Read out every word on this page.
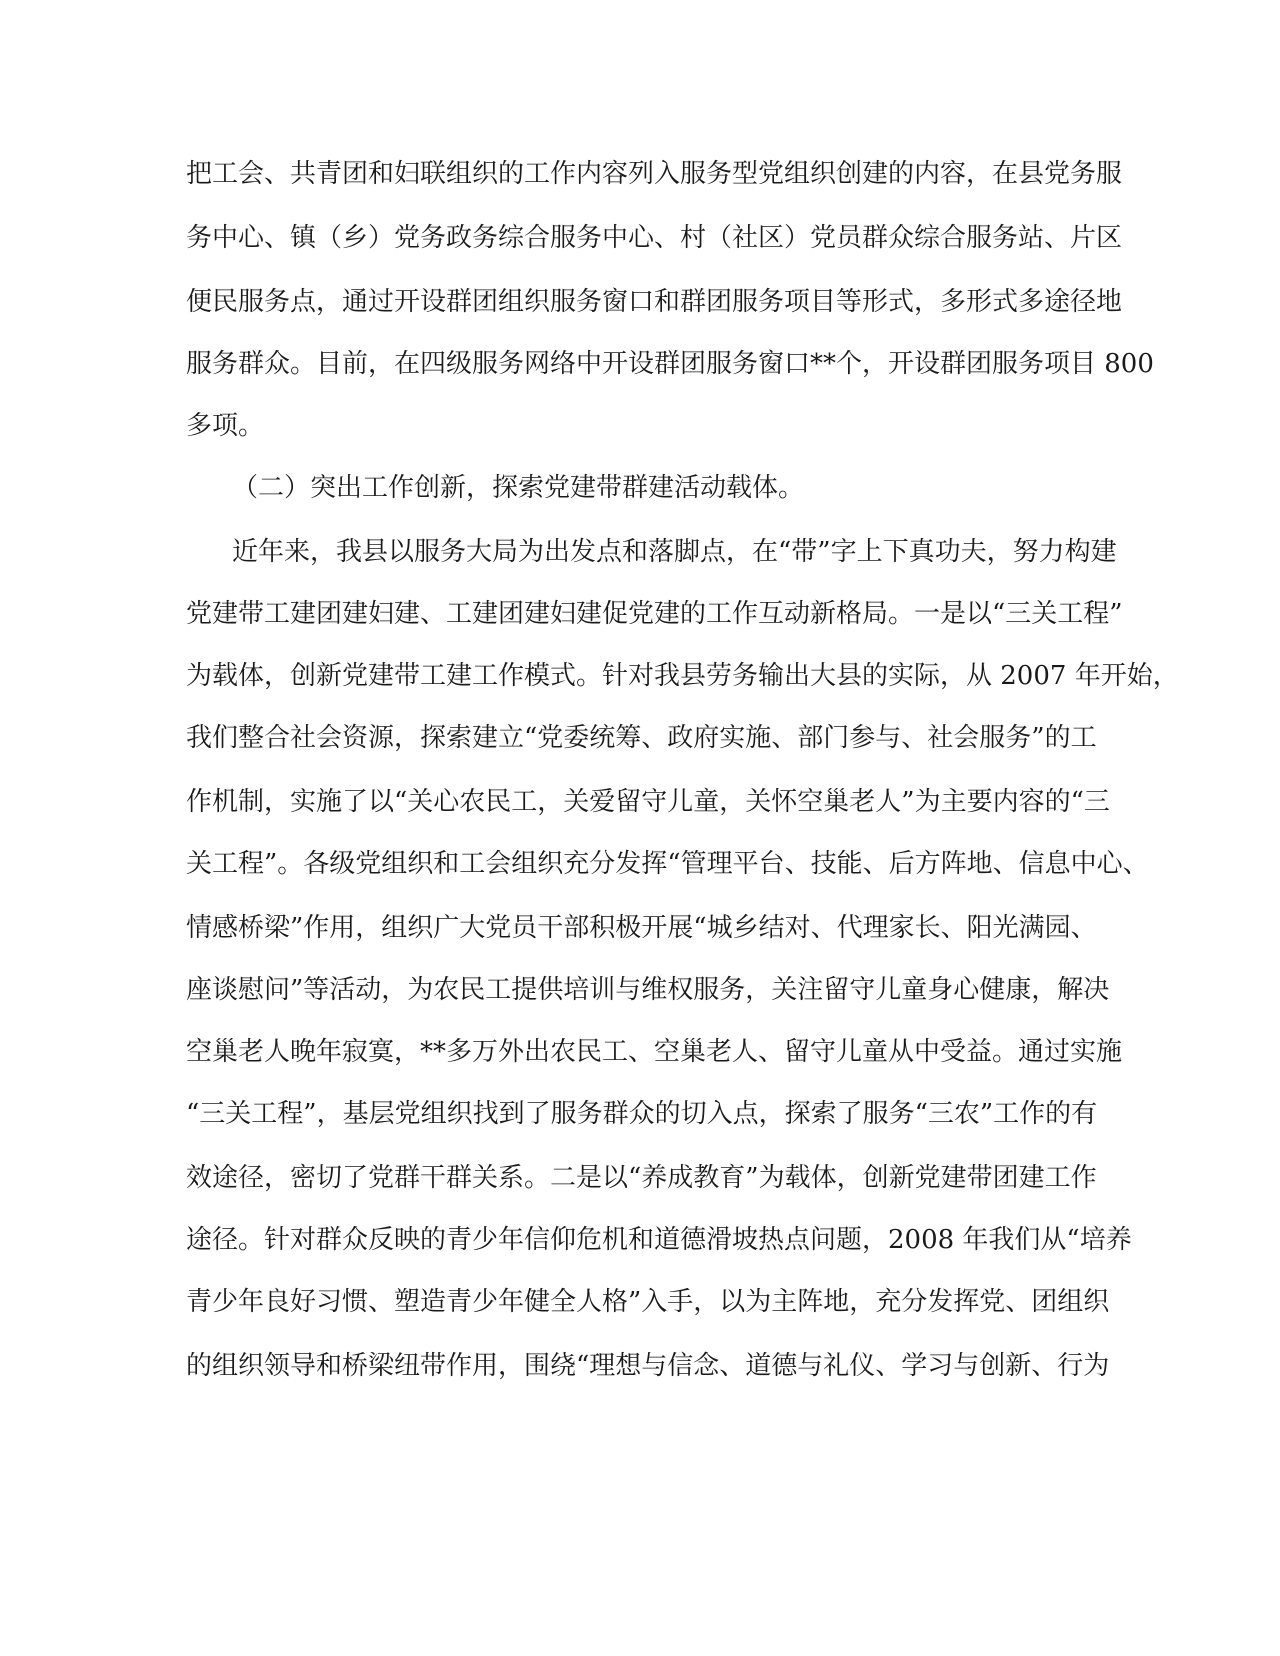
把工会、共青团和妇联组织的工作内容列入服务型党组织创建的内容，在县党务服
务中心、镇（乡）党务政务综合服务中心、村（社区）党员群众综合服务站、片区
便民服务点，通过开设群团组织服务窗口和群团服务项目等形式，多形式多途径地
服务群众。目前，在四级服务网络中开设群团服务窗口**个，开设群团服务项目 800
多项。
（二）突出工作创新，探索党建带群建活动载体。
近年来，我县以服务大局为出发点和落脚点，在“带”字上下真功夫，努力构建
党建带工建团建妇建、工建团建妇建促党建的工作互动新格局。一是以“三关工程”
为载体，创新党建带工建工作模式。针对我县劳务输出大县的实际，从 2007 年开始，
我们整合社会资源，探索建立“党委统筹、政府实施、部门参与、社会服务”的工
作机制，实施了以“关心农民工，关爱留守儿童，关怀空巢老人”为主要内容的“三
关工程”。各级党组织和工会组织充分发挥“管理平台、技能、后方阵地、信息中心、
情感桥梁”作用，组织广大党员干部积极开展“城乡结对、代理家长、阳光满园、
座谈慰问”等活动，为农民工提供培训与维权服务，关注留守儿童身心健康，解决
空巢老人晚年寂寞，**多万外出农民工、空巢老人、留守儿童从中受益。通过实施
“三关工程”，基层党组织找到了服务群众的切入点，探索了服务“三农”工作的有
效途径，密切了党群干群关系。二是以“养成教育”为载体，创新党建带团建工作
途径。针对群众反映的青少年信仰危机和道德滑坡热点问题，2008 年我们从“培养
青少年良好习惯、塑造青少年健全人格”入手，以为主阵地，充分发挥党、团组织
的组织领导和桥梁纽带作用，围绕“理想与信念、道德与礼仪、学习与创新、行为
